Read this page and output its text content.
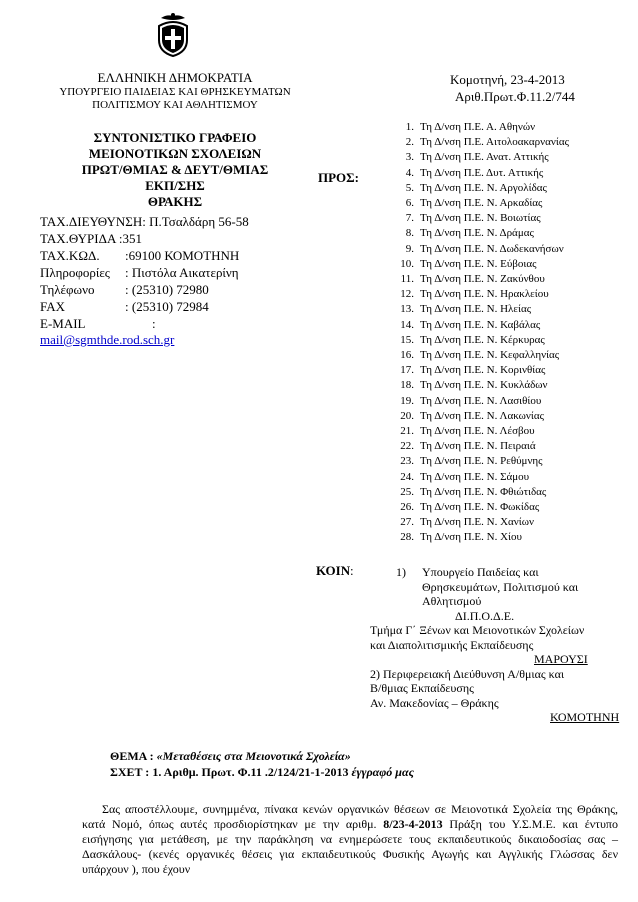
ΕΛΛΗΝΙΚΗ ΔΗΜΟΚΡΑΤΙΑ
ΥΠΟΥΡΓΕΙΟ ΠΑΙΔΕΙΑΣ ΚΑΙ ΘΡΗΣΚΕΥΜΑΤΩΝ
ΠΟΛΙΤΙΣΜΟΥ ΚΑΙ ΑΘΛΗΤΙΣΜΟΥ
Κομοτηνή, 23-4-2013
Αριθ.Πρωτ.Φ.11.2/744
ΣΥΝΤΟΝΙΣΤΙΚΟ ΓΡΑΦΕΙΟ
ΜΕΙΟΝΟΤΙΚΩΝ ΣΧΟΛΕΙΩΝ
ΠΡΩΤ/ΘΜΙΑΣ & ΔΕΥΤ/ΘΜΙΑΣ
ΕΚΠ/ΣΗΣ
ΘΡΑΚΗΣ
ΤΑΧ.ΔΙΕΥΘΥΝΣΗ: Π.Τσαλδάρη 56-58
ΤΑΧ.ΘΥΡΙΔΑ :351
ΤΑΧ.ΚΩΔ. :69100 ΚΟΜΟΤΗΝΗ
Πληροφορίες : Πιστόλα Αικατερίνη
Τηλέφωνο : (25310) 72980
FAX	: (25310) 72984
E-MAIL	:
mail@sgmthde.rod.sch.gr
ΠΡΟΣ:
1. Τη Δ/νση Π.Ε. Α. Αθηνών
2. Τη Δ/νση Π.Ε. Αιτολοακαρνανίας
3. Τη Δ/νση Π.Ε. Ανατ. Αττικής
4. Τη Δ/νση Π.Ε. Δυτ. Αττικής
5. Τη Δ/νση Π.Ε. Ν. Αργολίδας
6. Τη Δ/νση Π.Ε. Ν. Αρκαδίας
7. Τη Δ/νση Π.Ε. Ν. Βοιωτίας
8. Τη Δ/νση Π.Ε. Ν. Δράμας
9. Τη Δ/νση Π.Ε. Ν. Δωδεκανήσων
10. Τη Δ/νση Π.Ε. Ν. Εύβοιας
11. Τη Δ/νση Π.Ε. Ν. Ζακύνθου
12. Τη Δ/νση Π.Ε. Ν. Ηρακλείου
13. Τη Δ/νση Π.Ε. Ν. Ηλείας
14. Τη Δ/νση Π.Ε. Ν. Καβάλας
15. Τη Δ/νση Π.Ε. Ν. Κέρκυρας
16. Τη Δ/νση Π.Ε. Ν. Κεφαλληνίας
17. Τη Δ/νση Π.Ε. Ν. Κορινθίας
18. Τη Δ/νση Π.Ε. Ν. Κυκλάδων
19. Τη Δ/νση Π.Ε. Ν. Λασιθίου
20. Τη Δ/νση Π.Ε. Ν. Λακωνίας
21. Τη Δ/νση Π.Ε. Ν. Λέσβου
22. Τη Δ/νση Π.Ε. Ν. Πειραιά
23. Τη Δ/νση Π.Ε. Ν. Ρεθύμνης
24. Τη Δ/νση Π.Ε. Ν. Σάμου
25. Τη Δ/νση Π.Ε. Ν. Φθιώτιδας
26. Τη Δ/νση Π.Ε. Ν. Φωκίδας
27. Τη Δ/νση Π.Ε. Ν. Χανίων
28. Τη Δ/νση Π.Ε. Ν. Χίου
ΚΟΙΝ :	1) Υπουργείο Παιδείας και
Θρησκευμάτων, Πολιτισμού και
Αθλητισμού
ΔΙ.Π.Ο.Δ.Ε.
Τμήμα Γ΄ Ξένων και Μειονοτικών Σχολείων
και Διαπολιτισμικής Εκπαίδευσης
ΜΑΡΟΥΣΙ
2) Περιφερειακή Διεύθυνση Α/θμιας και
Β/θμιας Εκπαίδευσης
Αν. Μακεδονίας – Θράκης
ΚΟΜΟΤΗΝΗ
ΘΕΜΑ : «Μεταθέσεις στα Μειονοτικά Σχολεία»
ΣΧΕΤ : 1. Αριθμ. Πρωτ. Φ.11 .2/124/21-1-2013 έγγραφό μας

Σας αποστέλλουμε, συνημμένα, πίνακα κενών οργανικών θέσεων σε Μειονοτικά Σχολεία της Θράκης, κατά Νομό, όπως αυτές προσδιορίστηκαν με την αριθμ. 8/23-4-2013 Πράξη του Υ.Σ.Μ.Ε. και έντυπο εισήγησης για μετάθεση, με την παράκληση να ενημερώσετε τους εκπαιδευτικούς δικαιοδοσίας σας –Δασκάλους- (κενές οργανικές θέσεις για εκπαιδευτικούς Φυσικής Αγωγής και Αγγλικής Γλώσσας δεν υπάρχουν ), που έχουν
